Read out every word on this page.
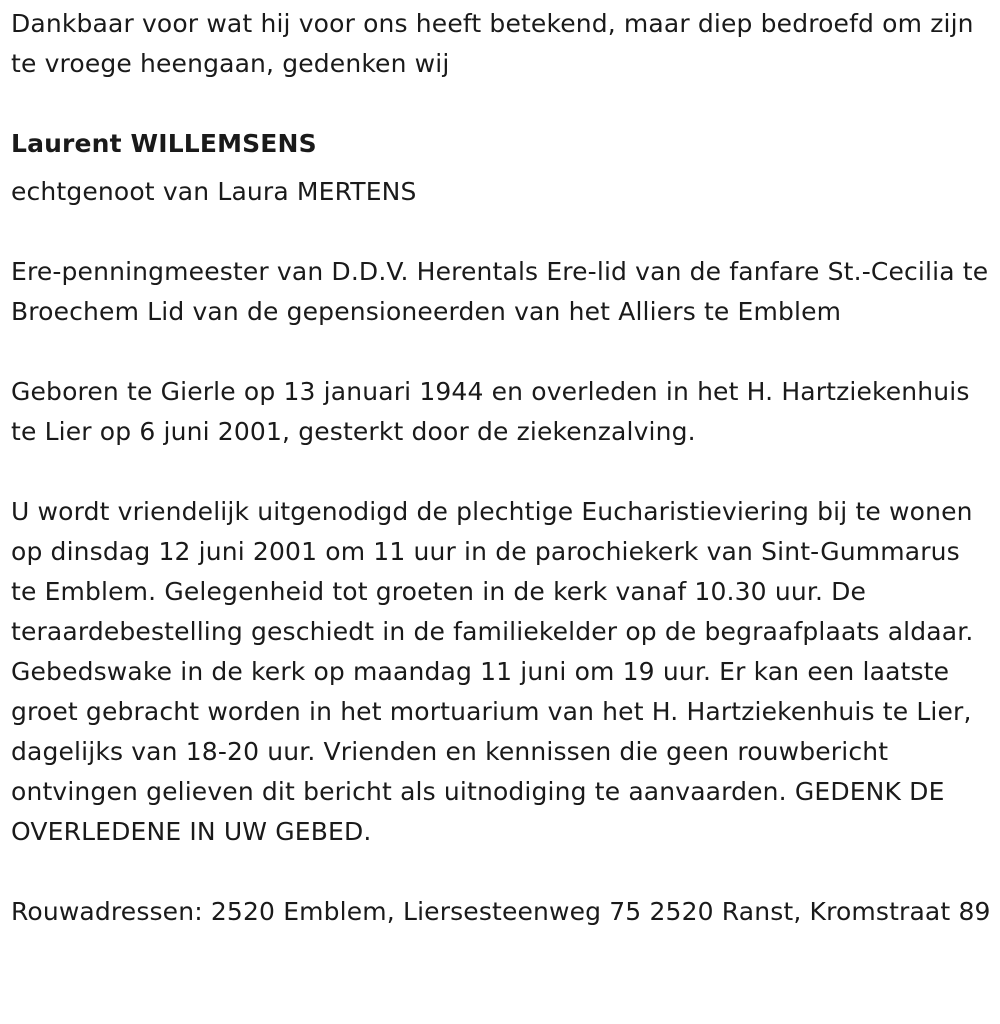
Dankbaar voor wat hij voor ons heeft betekend, maar diep bedroefd om zijn te vroege heengaan, gedenken wij

Laurent WILLEMSENS

echtgenoot van Laura MERTENS

Ere-penningmeester van D.D.V. Herentals Ere-lid van de fanfare St.-Cecilia te Broechem Lid van de gepensioneerden van het Alliers te Emblem

Geboren te Gierle op 13 januari 1944 en overleden in het H. Hartziekenhuis te Lier op 6 juni 2001, gesterkt door de ziekenzalving.

U wordt vriendelijk uitgenodigd de plechtige Eucharistieviering bij te wonen op dinsdag 12 juni 2001 om 11 uur in de parochiekerk van Sint-Gummarus te Emblem. Gelegenheid tot groeten in de kerk vanaf 10.30 uur. De teraardebestelling geschiedt in de familiekelder op de begraafplaats aldaar. Gebedswake in de kerk op maandag 11 juni om 19 uur. Er kan een laatste groet gebracht worden in het mortuarium van het H. Hartziekenhuis te Lier, dagelijks van 18-20 uur. Vrienden en kennissen die geen rouwbericht ontvingen gelieven dit bericht als uitnodiging te aanvaarden. GEDENK DE OVERLEDENE IN UW GEBED.

Rouwadressen: 2520 Emblem, Liersesteenweg 75 2520 Ranst, Kromstraat 89
